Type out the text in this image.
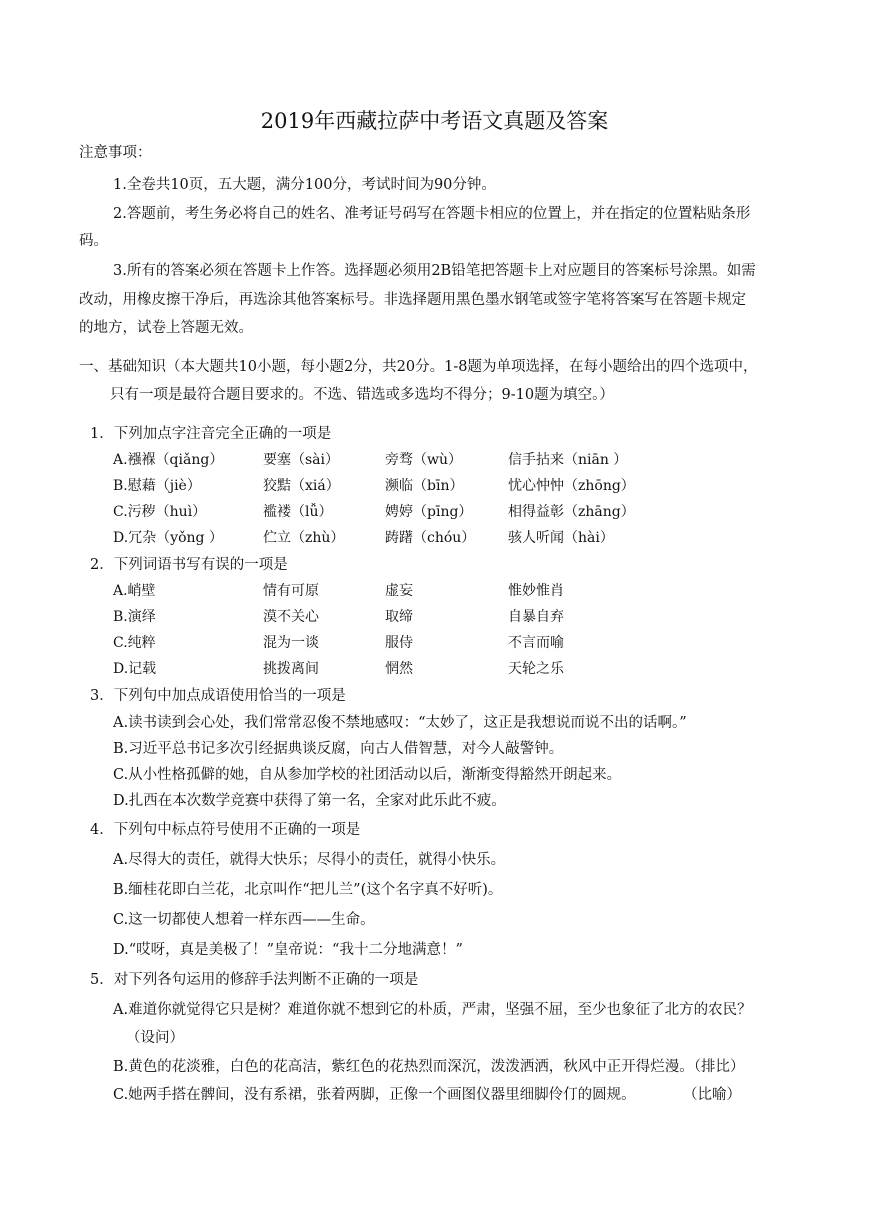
2019年西藏拉萨中考语文真题及答案
注意事项：
1.全卷共10页，五大题，满分100分，考试时间为90分钟。
2.答题前，考生务必将自己的姓名、准考证号码写在答题卡相应的位置上，并在指定的位置粘贴条形
码。
3.所有的答案必须在答题卡上作答。选择题必须用2B铅笔把答题卡上对应题目的答案标号涂黑。如需
改动，用橡皮擦干净后，再选涂其他答案标号。非选择题用黑色墨水钢笔或签字笔将答案写在答题卡规定
的地方，试卷上答题无效。
一、基础知识（本大题共10小题，每小题2分，共20分。1-8题为单项选择，在每小题给出的四个选项中，
只有一项是最符合题目要求的。不选、错选或多选均不得分；9-10题为填空。）
1．下列加点字注音完全正确的一项是
A.襁褓（qiǎng）	要塞（sài）	旁骛（wù）	信手拈来（niān ）
B.慰藉（jiè）	狡黠（xiá）	濒临（bīn）	忧心忡忡（zhōng）
C.污秽（huì）	褴褛（lǚ）	娉婷（pīng）	相得益彰（zhāng）
D.冗杂（yǒng ）	伫立（zhù）	踌躇（chóu） 骇人听闻（hài）
2．下列词语书写有误的一项是
A.峭壁	情有可原	虚妄	惟妙惟肖
B.演绎	漠不关心	取缔	自暴自弃
C.纯粹	混为一谈	服侍	不言而喻
D.记载	挑拨离间	惘然	天轮之乐
3．下列句中加点成语使用恰当的一项是
A.读书读到会心处，我们常常忍俊不禁地感叹：“太妙了，这正是我想说而说不出的话啊。”
B.习近平总书记多次引经据典谈反腐，向古人借智慧，对今人敲警钟。
C.从小性格孤僻的她，自从参加学校的社团活动以后，渐渐变得豁然开朗起来。
D.扎西在本次数学竞赛中获得了第一名，全家对此乐此不疲。
4．下列句中标点符号使用不正确的一项是
A.尽得大的责任，就得大快乐；尽得小的责任，就得小快乐。
B.缅桂花即白兰花，北京叫作“把儿兰”(这个名字真不好听)。
C.这一切都使人想着一样东西——生命。
D.“哎呀，真是美极了！”皇帝说：“我十二分地满意！”
5．对下列各句运用的修辞手法判断不正确的一项是
A.难道你就觉得它只是树？难道你就不想到它的朴质，严肃，坚强不屈，至少也象征了北方的农民？
（设问）
B.黄色的花淡雅，白色的花高洁，紫红色的花热烈而深沉，泼泼洒洒，秋风中正开得烂漫。（排比）
C.她两手搭在髀间，没有系裙，张着两脚，正像一个画图仪器里细脚伶仃的圆规。	（比喻）
